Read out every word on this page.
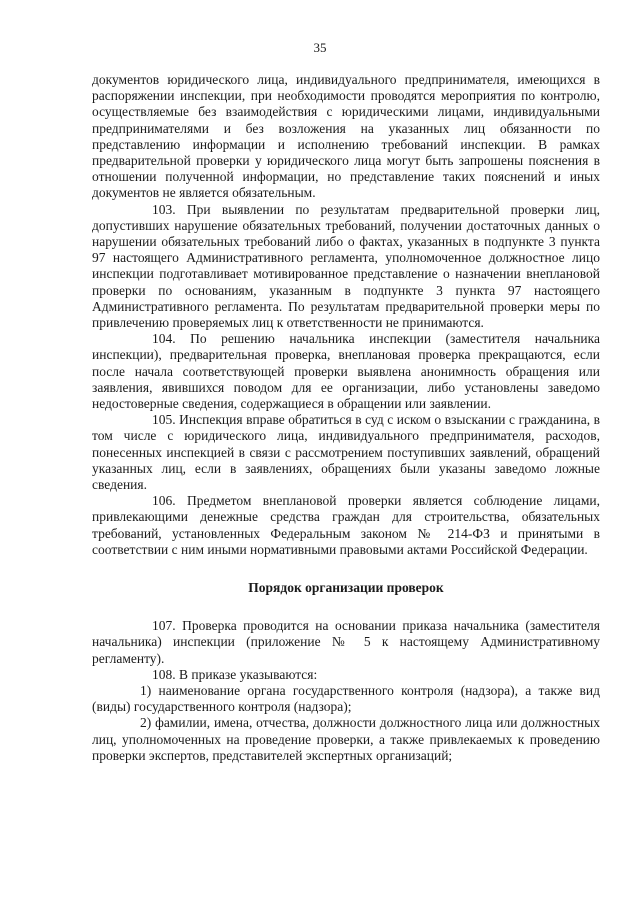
35

документов юридического лица, индивидуального предпринимателя, имеющихся в распоряжении инспекции, при необходимости проводятся мероприятия по контролю, осуществляемые без взаимодействия с юридическими лицами, индивидуальными предпринимателями и без возложения на указанных лиц обязанности по представлению информации и исполнению требований инспекции. В рамках предварительной проверки у юридического лица могут быть запрошены пояснения в отношении полученной информации, но представление таких пояснений и иных документов не является обязательным.

103. При выявлении по результатам предварительной проверки лиц, допустивших нарушение обязательных требований, получении достаточных данных о нарушении обязательных требований либо о фактах, указанных в подпункте 3 пункта 97 настоящего Административного регламента, уполномоченное должностное лицо инспекции подготавливает мотивированное представление о назначении внеплановой проверки по основаниям, указанным в подпункте 3 пункта 97 настоящего Административного регламента. По результатам предварительной проверки меры по привлечению проверяемых лиц к ответственности не принимаются.

104. По решению начальника инспекции (заместителя начальника инспекции), предварительная проверка, внеплановая проверка прекращаются, если после начала соответствующей проверки выявлена анонимность обращения или заявления, явившихся поводом для ее организации, либо установлены заведомо недостоверные сведения, содержащиеся в обращении или заявлении.

105. Инспекция вправе обратиться в суд с иском о взыскании с гражданина, в том числе с юридического лица, индивидуального предпринимателя, расходов, понесенных инспекцией в связи с рассмотрением поступивших заявлений, обращений указанных лиц, если в заявлениях, обращениях были указаны заведомо ложные сведения.

106. Предметом внеплановой проверки является соблюдение лицами, привлекающими денежные средства граждан для строительства, обязательных требований, установленных Федеральным законом № 214-ФЗ и принятыми в соответствии с ним иными нормативными правовыми актами Российской Федерации.

Порядок организации проверок

107. Проверка проводится на основании приказа начальника (заместителя начальника) инспекции (приложение № 5 к настоящему Административному регламенту).

108. В приказе указываются:

1) наименование органа государственного контроля (надзора), а также вид (виды) государственного контроля (надзора);

2) фамилии, имена, отчества, должности должностного лица или должностных лиц, уполномоченных на проведение проверки, а также привлекаемых к проведению проверки экспертов, представителей экспертных организаций;
